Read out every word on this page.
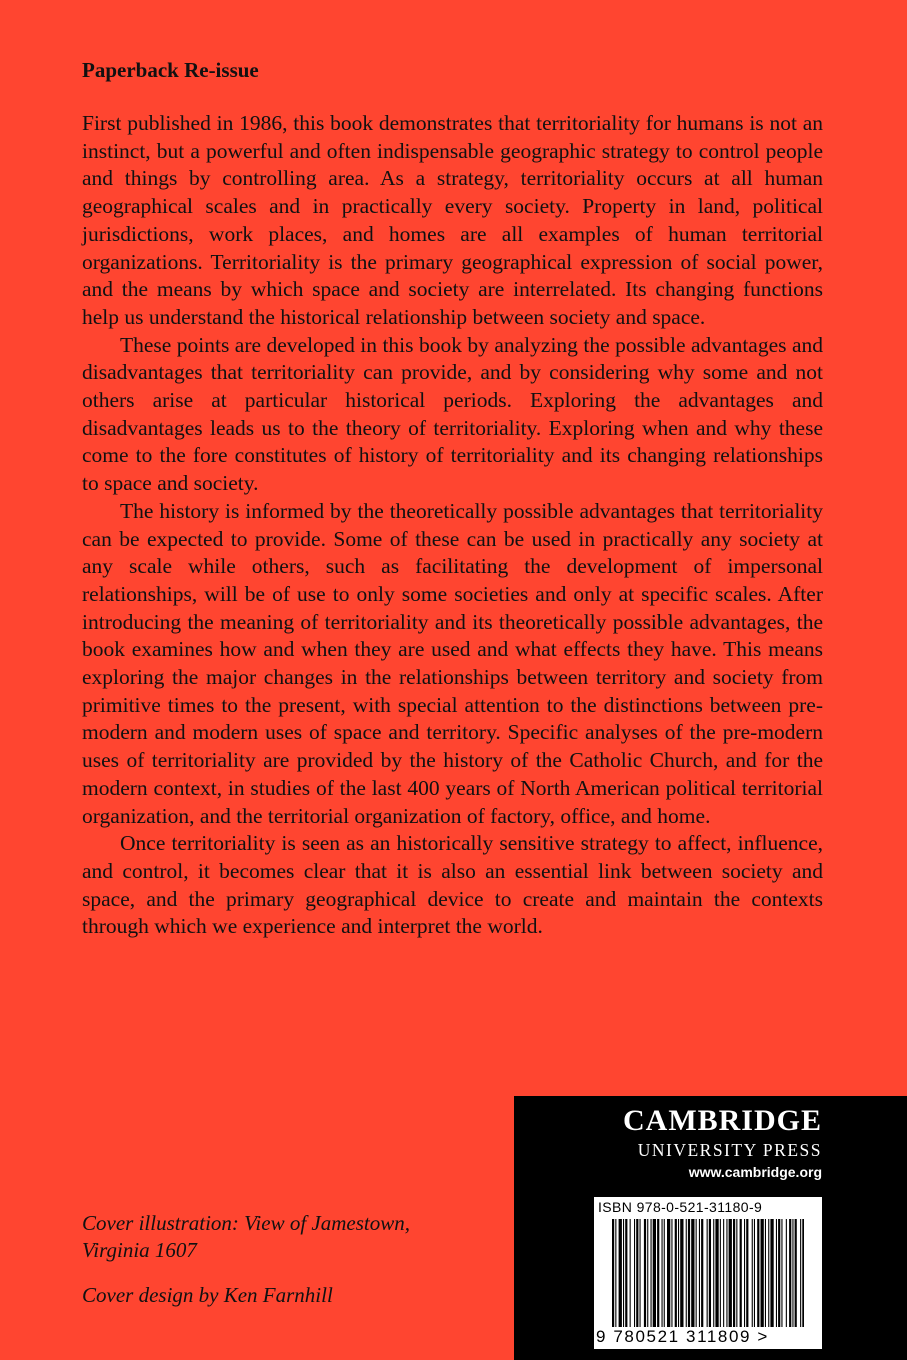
Paperback Re-issue

First published in 1986, this book demonstrates that territoriality for humans is not an instinct, but a powerful and often indispensable geographic strategy to control people and things by controlling area. As a strategy, territoriality occurs at all human geographical scales and in practically every society. Property in land, political jurisdictions, work places, and homes are all examples of human territorial organizations. Territoriality is the primary geographical expression of social power, and the means by which space and society are interrelated. Its changing functions help us understand the historical relationship between society and space.

These points are developed in this book by analyzing the possible advantages and disadvantages that territoriality can provide, and by considering why some and not others arise at particular historical periods. Exploring the advantages and disadvantages leads us to the theory of territoriality. Exploring when and why these come to the fore constitutes of history of territoriality and its changing relationships to space and society.

The history is informed by the theoretically possible advantages that territoriality can be expected to provide. Some of these can be used in practically any society at any scale while others, such as facilitating the development of impersonal relationships, will be of use to only some societies and only at specific scales. After introducing the meaning of territoriality and its theoretically possible advantages, the book examines how and when they are used and what effects they have. This means exploring the major changes in the relationships between territory and society from primitive times to the present, with special attention to the distinctions between pre-modern and modern uses of space and territory. Specific analyses of the pre-modern uses of territoriality are provided by the history of the Catholic Church, and for the modern context, in studies of the last 400 years of North American political territorial organization, and the territorial organization of factory, office, and home.

Once territoriality is seen as an historically sensitive strategy to affect, influence, and control, it becomes clear that it is also an essential link between society and space, and the primary geographical device to create and maintain the contexts through which we experience and interpret the world.

Cover illustration: View of Jamestown,
Virginia 1607
Cover design by Ken Farnhill
CAMBRIDGE
UNIVERSITY PRESS
www.cambridge.org
ISBN 978-0-521-31180-9
9 780521 311809 >
